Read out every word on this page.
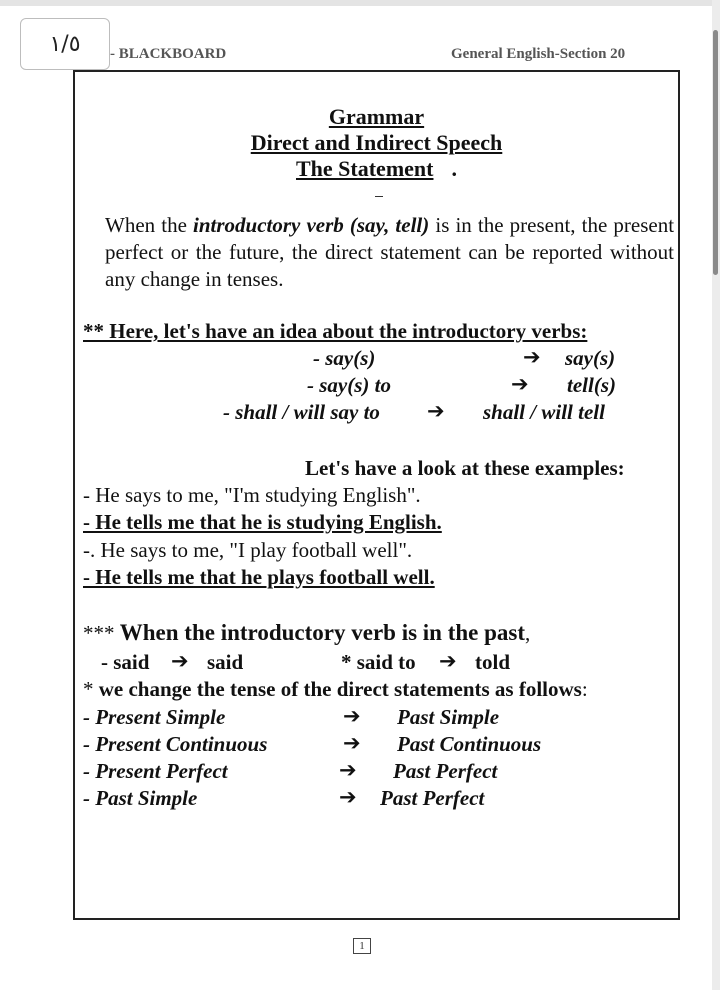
١/٥	- BLACKBOARD	General English-Section 20
Grammar
Direct and Indirect Speech
The Statement .
When the introductory verb (say, tell) is in the present, the present perfect or the future, the direct statement can be reported without any change in tenses.
** Here, let's have an idea about the introductory verbs:
- say(s)	➔ say(s)
- say(s) to	➔ tell(s)
- shall / will say to ➔ shall / will tell
Let's have a look at these examples:
- He says to me, "I'm studying English".
- He tells me that he is studying English.
-. He says to me, "I play football well".
- He tells me that he plays football well.
*** When the introductory verb is in the past,
- said ➔ said	* said to ➔ told
* we change the tense of the direct statements as follows:
- Present Simple	➔ Past Simple
- Present Continuous	➔ Past Continuous
- Present Perfect	➔ Past Perfect
- Past Simple	➔ Past Perfect
1
